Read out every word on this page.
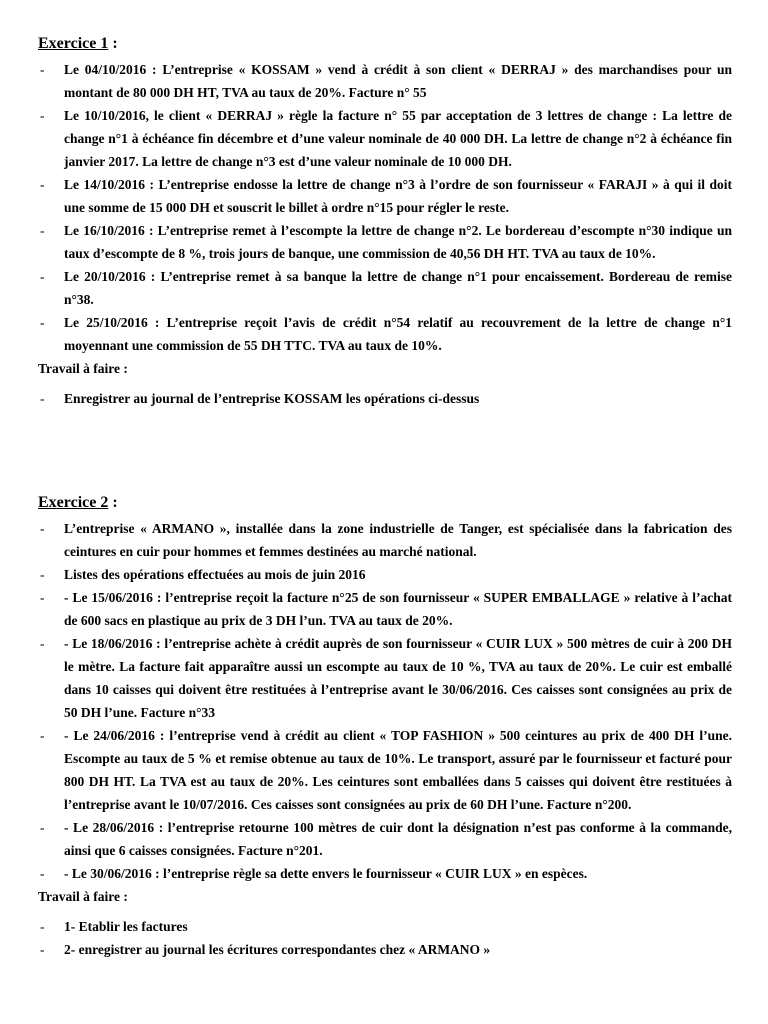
Exercice 1 :
- Le 04/10/2016 : L’entreprise « KOSSAM » vend à crédit à son client « DERRAJ » des marchandises pour un montant de 80 000 DH HT, TVA au taux de 20%. Facture n° 55
- Le 10/10/2016, le client « DERRAJ » règle la facture n° 55 par acceptation de 3 lettres de change : La lettre de change n°1 à échéance fin décembre et d’une valeur nominale de 40 000 DH. La lettre de change n°2 à échéance fin janvier 2017. La lettre de change n°3 est d’une valeur nominale de 10 000 DH.
- Le 14/10/2016 : L’entreprise endosse la lettre de change n°3 à l’ordre de son fournisseur « FARAJI » à qui il doit une somme de 15 000 DH et souscrit le billet à ordre n°15 pour régler le reste.
- Le 16/10/2016 : L’entreprise remet à l’escompte la lettre de change n°2. Le bordereau d’escompte n°30 indique un taux d’escompte de 8 %, trois jours de banque, une commission de 40,56 DH HT. TVA au taux de 10%.
- Le 20/10/2016 : L’entreprise remet à sa banque la lettre de change n°1 pour encaissement. Bordereau de remise n°38.
- Le 25/10/2016 : L’entreprise reçoit l’avis de crédit n°54 relatif au recouvrement de la lettre de change n°1 moyennant une commission de 55 DH TTC. TVA au taux de 10%.

Travail à faire :

- Enregistrer au journal de l’entreprise KOSSAM les opérations ci-dessus
Exercice 2 :
- L’entreprise « ARMANO », installée dans la zone industrielle de Tanger, est spécialisée dans la fabrication des ceintures en cuir pour hommes et femmes destinées au marché national.
- Listes des opérations effectuées au mois de juin 2016
- - Le 15/06/2016 : l’entreprise reçoit la facture n°25 de son fournisseur « SUPER EMBALLAGE » relative à l’achat de 600 sacs en plastique au prix de 3 DH l’un. TVA au taux de 20%.
- - Le 18/06/2016 : l’entreprise achète à crédit auprès de son fournisseur « CUIR LUX » 500 mètres de cuir à 200 DH le mètre. La facture fait apparaître aussi un escompte au taux de 10 %, TVA au taux de 20%. Le cuir est emballé dans 10 caisses qui doivent être restituées à l’entreprise avant le 30/06/2016. Ces caisses sont consignées au prix de 50 DH l’une. Facture n°33
- - Le 24/06/2016 : l’entreprise vend à crédit au client « TOP FASHION » 500 ceintures au prix de 400 DH l’une. Escompte au taux de 5 % et remise obtenue au taux de 10%. Le transport, assuré par le fournisseur et facturé pour 800 DH HT. La TVA est au taux de 20%. Les ceintures sont emballées dans 5 caisses qui doivent être restituées à l’entreprise avant le 10/07/2016. Ces caisses sont consignées au prix de 60 DH l’une. Facture n°200.
- - Le 28/06/2016 : l’entreprise retourne 100 mètres de cuir dont la désignation n’est pas conforme à la commande, ainsi que 6 caisses consignées. Facture n°201.
- - Le 30/06/2016 : l’entreprise règle sa dette envers le fournisseur « CUIR LUX » en espèces.

Travail à faire :

- 1- Etablir les factures
- 2- enregistrer au journal les écritures correspondantes chez « ARMANO »
